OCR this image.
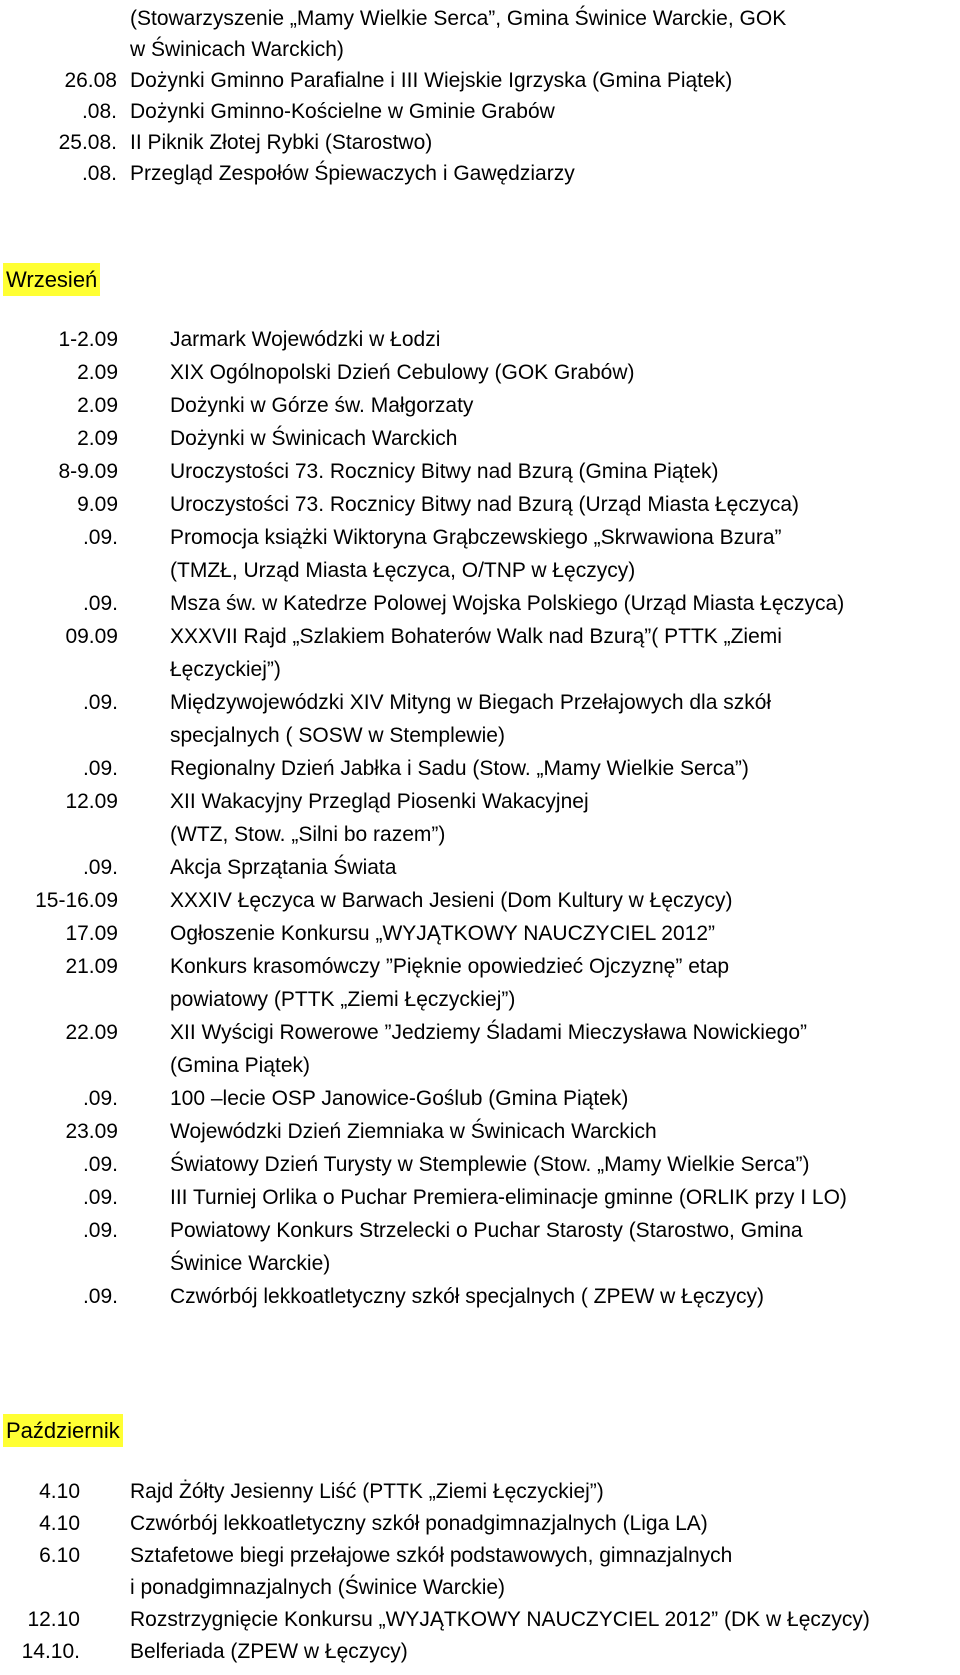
(Stowarzyszenie „Mamy Wielkie Serca”, Gmina Świnice Warckie, GOK
w Świnicach Warckich)
26.08 Dożynki Gminno Parafialne i III Wiejskie Igrzyska (Gmina Piątek)
.08. Dożynki Gminno-Kościelne w Gminie Grabów
25.08. II Piknik Złotej Rybki (Starostwo)
.08. Przegląd Zespołów Śpiewaczych i Gawędziarzy
Wrzesień
1-2.09 Jarmark Wojewódzki w Łodzi
2.09 XIX Ogólnopolski Dzień Cebulowy (GOK Grabów)
2.09 Dożynki w Górze św. Małgorzaty
2.09 Dożynki w Świnicach Warckich
8-9.09 Uroczystości 73. Rocznicy Bitwy nad Bzurą (Gmina Piątek)
9.09 Uroczystości 73. Rocznicy Bitwy nad Bzurą (Urząd Miasta Łęczyca)
.09. Promocja książki Wiktoryna Grąbczewskiego „Skrwawiona Bzura”
(TMZŁ, Urząd Miasta Łęczyca, O/TNP w Łęczycy)
.09. Msza św. w Katedrze Polowej Wojska Polskiego (Urząd Miasta Łęczyca)
09.09 XXXVII Rajd „Szlakiem Bohaterów Walk nad Bzurą”( PTTK „Ziemi
Łęczyckiej”)
.09. Międzywojewódzki XIV Mityng w Biegach Przełajowych dla szkół
specjalnych ( SOSW w Stemplewie)
.09. Regionalny Dzień Jabłka i Sadu (Stow. „Mamy Wielkie Serca”)
12.09 XII Wakacyjny Przegląd Piosenki Wakacyjnej
(WTZ, Stow. „Silni bo razem”)
.09. Akcja Sprzątania Świata
15-16.09 XXXIV Łęczyca w Barwach Jesieni (Dom Kultury w Łęczycy)
17.09 Ogłoszenie Konkursu „WYJĄTKOWY NAUCZYCIEL 2012”
21.09 Konkurs krasomówczy ”Pięknie opowiedzieć Ojczyznę” etap
powiatowy (PTTK „Ziemi Łęczyckiej”)
22.09 XII Wyścigi Rowerowe ”Jedziemy Śladami Mieczysława Nowickiego”
(Gmina Piątek)
.09. 100 –lecie OSP Janowice-Goślub (Gmina Piątek)
23.09 Wojewódzki Dzień Ziemniaka w Świnicach Warckich
.09. Światowy Dzień Turysty w Stemplewie (Stow. „Mamy Wielkie Serca”)
.09. III Turniej Orlika o Puchar Premiera-eliminacje gminne (ORLIK przy I LO)
.09. Powiatowy Konkurs Strzelecki o Puchar Starosty (Starostwo, Gmina
Świnice Warckie)
.09. Czwórbój lekkoatletyczny szkół specjalnych ( ZPEW w Łęczycy)
Październik
4.10 Rajd Żółty Jesienny Liść (PTTK „Ziemi Łęczyckiej”)
4.10 Czwórbój lekkoatletyczny szkół ponadgimnazjalnych (Liga LA)
6.10 Sztafetowe biegi przełajowe szkół podstawowych, gimnazjalnych
i ponadgimnazjalnych (Świnice Warckie)
12.10 Rozstrzygnięcie Konkursu „WYJĄTKOWY NAUCZYCIEL 2012” (DK w Łęczycy)
14.10. Belferiada (ZPEW w Łęczycy)
